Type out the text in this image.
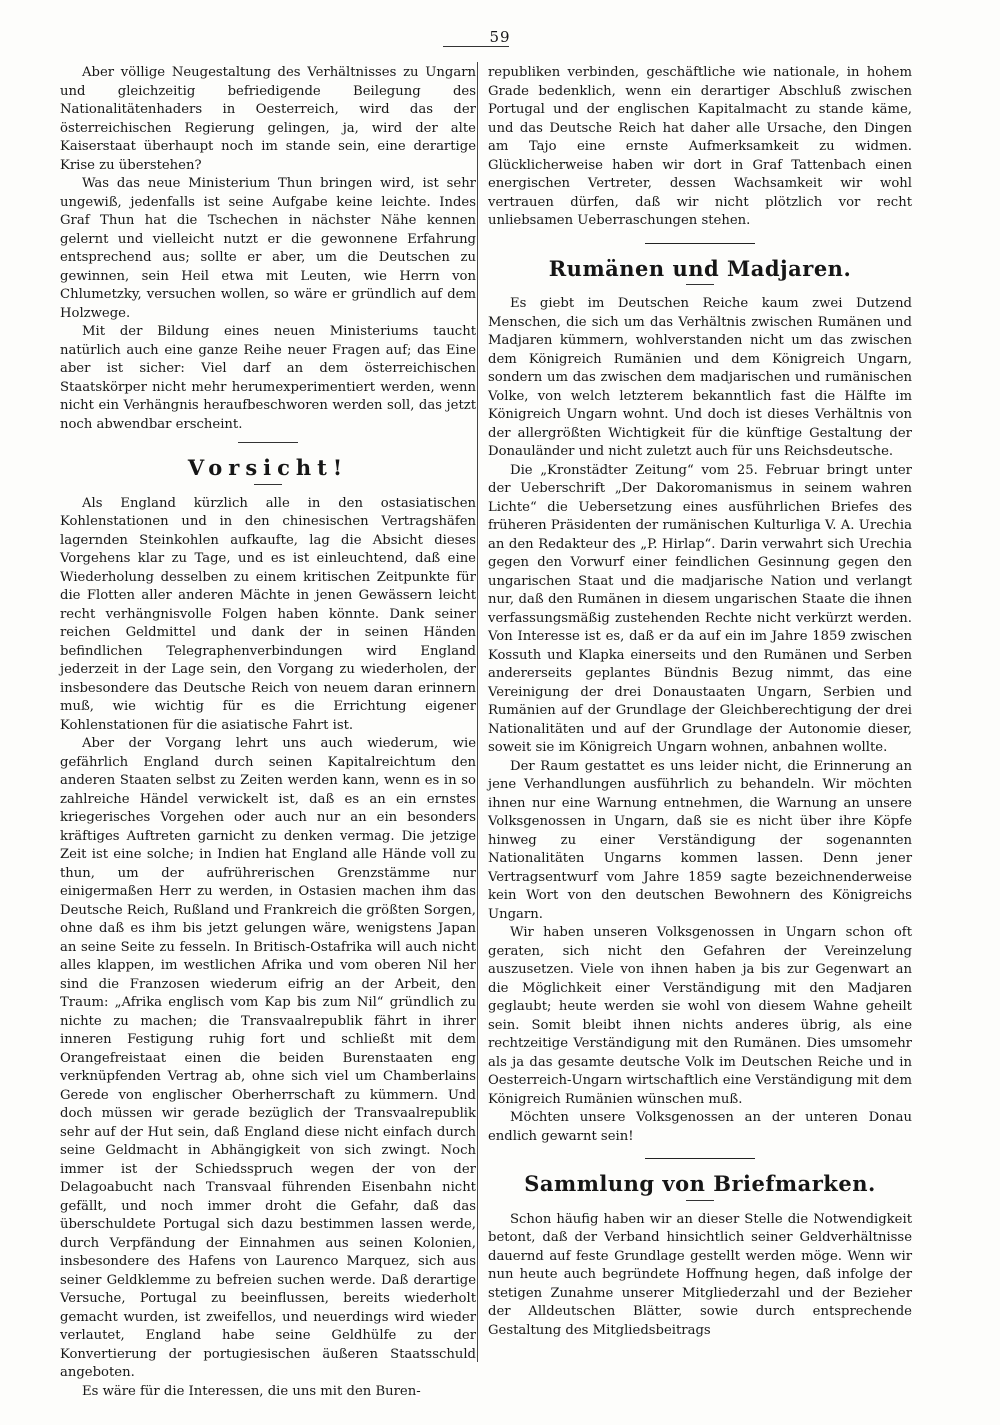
59

Aber völlige Neugestaltung des Verhältnisses zu Ungarn und gleichzeitig befriedigende Beilegung des Nationalitätenhaders in Oesterreich, wird das der österreichischen Regierung gelingen, ja, wird der alte Kaiserstaat überhaupt noch im stande sein, eine derartige Krise zu überstehen?

Was das neue Ministerium Thun bringen wird, ist sehr ungewiß, jedenfalls ist seine Aufgabe keine leichte. Indes Graf Thun hat die Tschechen in nächster Nähe kennen gelernt und vielleicht nutzt er die gewonnene Erfahrung entsprechend aus; sollte er aber, um die Deutschen zu gewinnen, sein Heil etwa mit Leuten, wie Herrn von Chlumetzky, versuchen wollen, so wäre er gründlich auf dem Holzwege.

Mit der Bildung eines neuen Ministeriums taucht natürlich auch eine ganze Reihe neuer Fragen auf; das Eine aber ist sicher: Viel darf an dem österreichischen Staatskörper nicht mehr herumexperimentiert werden, wenn nicht ein Verhängnis heraufbeschworen werden soll, das jetzt noch abwendbar erscheint.

Vorsicht!

Als England kürzlich alle in den ostasiatischen Kohlenstationen und in den chinesischen Vertragshäfen lagernden Steinkohlen aufkaufte, lag die Absicht dieses Vorgehens klar zu Tage, und es ist einleuchtend, daß eine Wiederholung desselben zu einem kritischen Zeitpunkte für die Flotten aller anderen Mächte in jenen Gewässern leicht recht verhängnisvolle Folgen haben könnte. Dank seiner reichen Geldmittel und dank der in seinen Händen befindlichen Telegraphenverbindungen wird England jederzeit in der Lage sein, den Vorgang zu wiederholen, der insbesondere das Deutsche Reich von neuem daran erinnern muß, wie wichtig für es die Errichtung eigener Kohlenstationen für die asiatische Fahrt ist.

Aber der Vorgang lehrt uns auch wiederum, wie gefährlich England durch seinen Kapitalreichtum den anderen Staaten selbst zu Zeiten werden kann, wenn es in so zahlreiche Händel verwickelt ist, daß es an ein ernstes kriegerisches Vorgehen oder auch nur an ein besonders kräftiges Auftreten garnicht zu denken vermag. Die jetzige Zeit ist eine solche; in Indien hat England alle Hände voll zu thun, um der aufrührerischen Grenzstämme nur einigermaßen Herr zu werden, in Ostasien machen ihm das Deutsche Reich, Rußland und Frankreich die größten Sorgen, ohne daß es ihm bis jetzt gelungen wäre, wenigstens Japan an seine Seite zu fesseln. In Britisch-Ostafrika will auch nicht alles klappen, im westlichen Afrika und vom oberen Nil her sind die Franzosen wiederum eifrig an der Arbeit, den Traum: „Afrika englisch vom Kap bis zum Nil“ gründlich zu nichte zu machen; die Transvaalrepublik fährt in ihrer inneren Festigung ruhig fort und schließt mit dem Orangefreistaat einen die beiden Burenstaaten eng verknüpfenden Vertrag ab, ohne sich viel um Chamberlains Gerede von englischer Oberherrschaft zu kümmern. Und doch müssen wir gerade bezüglich der Transvaalrepublik sehr auf der Hut sein, daß England diese nicht einfach durch seine Geldmacht in Abhängigkeit von sich zwingt. Noch immer ist der Schiedsspruch wegen der von der Delagoabucht nach Transvaal führenden Eisenbahn nicht gefällt, und noch immer droht die Gefahr, daß das überschuldete Portugal sich dazu bestimmen lassen werde, durch Verpfändung der Einnahmen aus seinen Kolonien, insbesondere des Hafens von Laurenco Marquez, sich aus seiner Geldklemme zu befreien suchen werde. Daß derartige Versuche, Portugal zu beeinflussen, bereits wiederholt gemacht wurden, ist zweifellos, und neuerdings wird wieder verlautet, England habe seine Geldhülfe zu der Konvertierung der portugiesischen äußeren Staatsschuld angeboten.

Es wäre für die Interessen, die uns mit den Buren-

republiken verbinden, geschäftliche wie nationale, in hohem Grade bedenklich, wenn ein derartiger Abschluß zwischen Portugal und der englischen Kapitalmacht zu stande käme, und das Deutsche Reich hat daher alle Ursache, den Dingen am Tajo eine ernste Aufmerksamkeit zu widmen. Glücklicherweise haben wir dort in Graf Tattenbach einen energischen Vertreter, dessen Wachsamkeit wir wohl vertrauen dürfen, daß wir nicht plötzlich vor recht unliebsamen Ueberraschungen stehen.

Rumänen und Madjaren.

Es giebt im Deutschen Reiche kaum zwei Dutzend Menschen, die sich um das Verhältnis zwischen Rumänen und Madjaren kümmern, wohlverstanden nicht um das zwischen dem Königreich Rumänien und dem Königreich Ungarn, sondern um das zwischen dem madjarischen und rumänischen Volke, von welch letzterem bekanntlich fast die Hälfte im Königreich Ungarn wohnt. Und doch ist dieses Verhältnis von der allergrößten Wichtigkeit für die künftige Gestaltung der Donauländer und nicht zuletzt auch für uns Reichsdeutsche.

Die „Kronstädter Zeitung“ vom 25. Februar bringt unter der Ueberschrift „Der Dakoromanismus in seinem wahren Lichte“ die Uebersetzung eines ausführlichen Briefes des früheren Präsidenten der rumänischen Kulturliga V. A. Urechia an den Redakteur des „P. Hirlap“. Darin verwahrt sich Urechia gegen den Vorwurf einer feindlichen Gesinnung gegen den ungarischen Staat und die madjarische Nation und verlangt nur, daß den Rumänen in diesem ungarischen Staate die ihnen verfassungsmäßig zustehenden Rechte nicht verkürzt werden. Von Interesse ist es, daß er da auf ein im Jahre 1859 zwischen Kossuth und Klapka einerseits und den Rumänen und Serben andererseits geplantes Bündnis Bezug nimmt, das eine Vereinigung der drei Donaustaaten Ungarn, Serbien und Rumänien auf der Grundlage der Gleichberechtigung der drei Nationalitäten und auf der Grundlage der Autonomie dieser, soweit sie im Königreich Ungarn wohnen, anbahnen wollte.

Der Raum gestattet es uns leider nicht, die Erinnerung an jene Verhandlungen ausführlich zu behandeln. Wir möchten ihnen nur eine Warnung entnehmen, die Warnung an unsere Volksgenossen in Ungarn, daß sie es nicht über ihre Köpfe hinweg zu einer Verständigung der sogenannten Nationalitäten Ungarns kommen lassen. Denn jener Vertragsentwurf vom Jahre 1859 sagte bezeichnenderweise kein Wort von den deutschen Bewohnern des Königreichs Ungarn.

Wir haben unseren Volksgenossen in Ungarn schon oft geraten, sich nicht den Gefahren der Vereinzelung auszusetzen. Viele von ihnen haben ja bis zur Gegenwart an die Möglichkeit einer Verständigung mit den Madjaren geglaubt; heute werden sie wohl von diesem Wahne geheilt sein. Somit bleibt ihnen nichts anderes übrig, als eine rechtzeitige Verständigung mit den Rumänen. Dies umsomehr als ja das gesamte deutsche Volk im Deutschen Reiche und in Oesterreich-Ungarn wirtschaftlich eine Verständigung mit dem Königreich Rumänien wünschen muß.

Möchten unsere Volksgenossen an der unteren Donau endlich gewarnt sein!

Sammlung von Briefmarken.

Schon häufig haben wir an dieser Stelle die Notwendigkeit betont, daß der Verband hinsichtlich seiner Geldverhältnisse dauernd auf feste Grundlage gestellt werden möge. Wenn wir nun heute auch begründete Hoffnung hegen, daß infolge der stetigen Zunahme unserer Mitgliederzahl und der Bezieher der Alldeutschen Blätter, sowie durch entsprechende Gestaltung des Mitgliedsbeitrags
